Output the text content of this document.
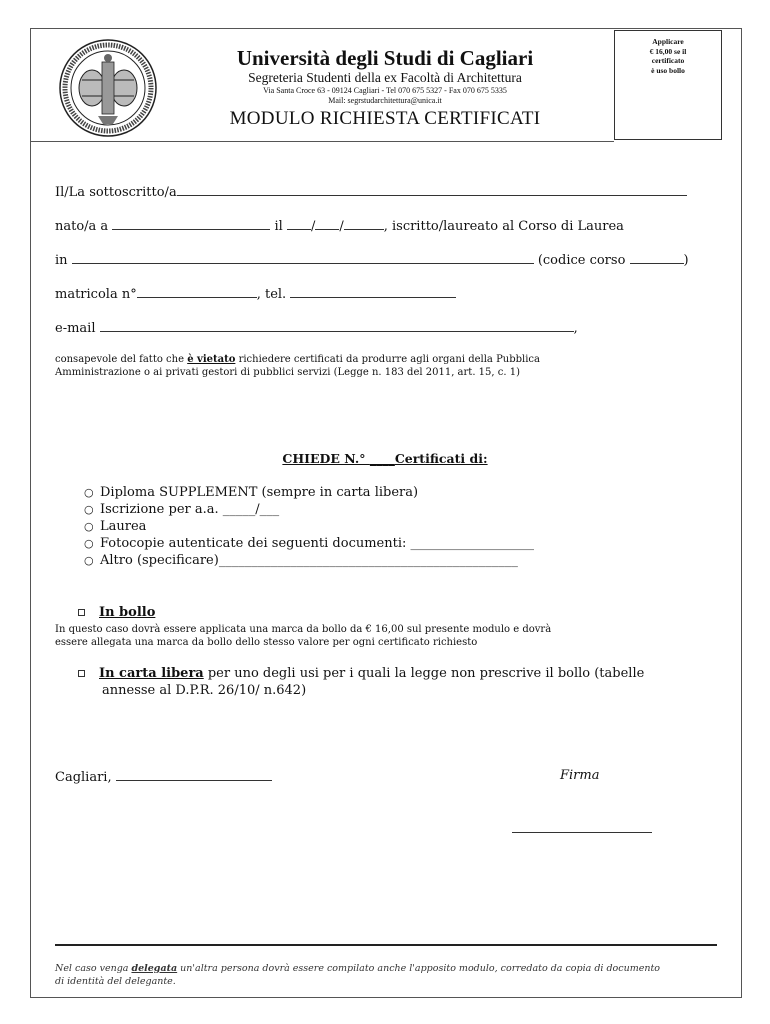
Università degli Studi di Cagliari
Segreteria Studenti della ex Facoltà di Architettura
Via Santa Croce 63 - 09124 Cagliari - Tel 070 675 5327 - Fax 070 675 5335
Mail: segrstudarchitettura@unica.it
MODULO RICHIESTA CERTIFICATI
Applicare
€ 16,00 se il
certificato
è uso bollo
Il/La sottoscritto/a
nato/a a	il / /	, iscritto/laureato al Corso di Laurea
in	(codice corso	)
matricola n°	, tel.
e-mail	,
consapevole del fatto che è vietato richiedere certificati da produrre agli organi della Pubblica
Amministrazione o ai privati gestori di pubblici servizi (Legge n. 183 del 2011, art. 15, c. 1)
CHIEDE N.° ____Certificati di:
○ Diploma SUPPLEMENT (sempre in carta libera)
○ Iscrizione per a.a. _____/___
○ Laurea
○ Fotocopie autenticate dei seguenti documenti: ___________________
○ Altro (specificare)______________________________________________
In bollo
In questo caso dovrà essere applicata una marca da bollo da € 16,00 sul presente modulo e dovrà
essere allegata una marca da bollo dello stesso valore per ogni certificato richiesto
In carta libera per uno degli usi per i quali la legge non prescrive il bollo (tabelle
annesse al D.P.R. 26/10/ n.642)
Cagliari,	Firma
Nel caso venga delegata un'altra persona dovrà essere compilato anche l'apposito modulo, corredato da copia di documento
di identità del delegante.
